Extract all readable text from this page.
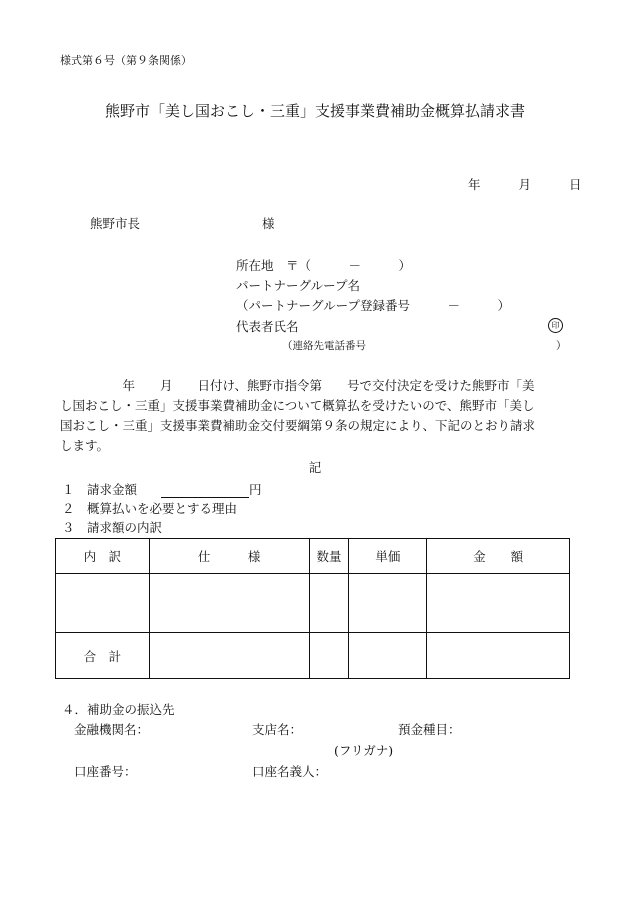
様式第６号（第９条関係）
熊野市「美し国おこし・三重」支援事業費補助金概算払請求書
年	月	日
熊野市長	様
所在地　〒（　　　－　　　）
パートナーグループ名
（パートナーグループ登録番号　　　－　　　）
代表者氏名	印
（連絡先電話番号	）

　　　　　年　　月　　日付け、熊野市指令第　　号で交付決定を受けた熊野市「美

し国おこし・三重」支援事業費補助金について概算払を受けたいので、熊野市「美し

国おこし・三重」支援事業費補助金交付要綱第９条の規定により、下記のとおり請求

します。

記
１　請求金額	円
２　概算払いを必要とする理由
３　請求額の内訳
内　訳	仕　　　様	数量	単価	金　　額

合　計				
４．補助金の振込先
金融機関名：	支店名：	預金種目：
(フリガナ)
口座番号：	口座名義人：
